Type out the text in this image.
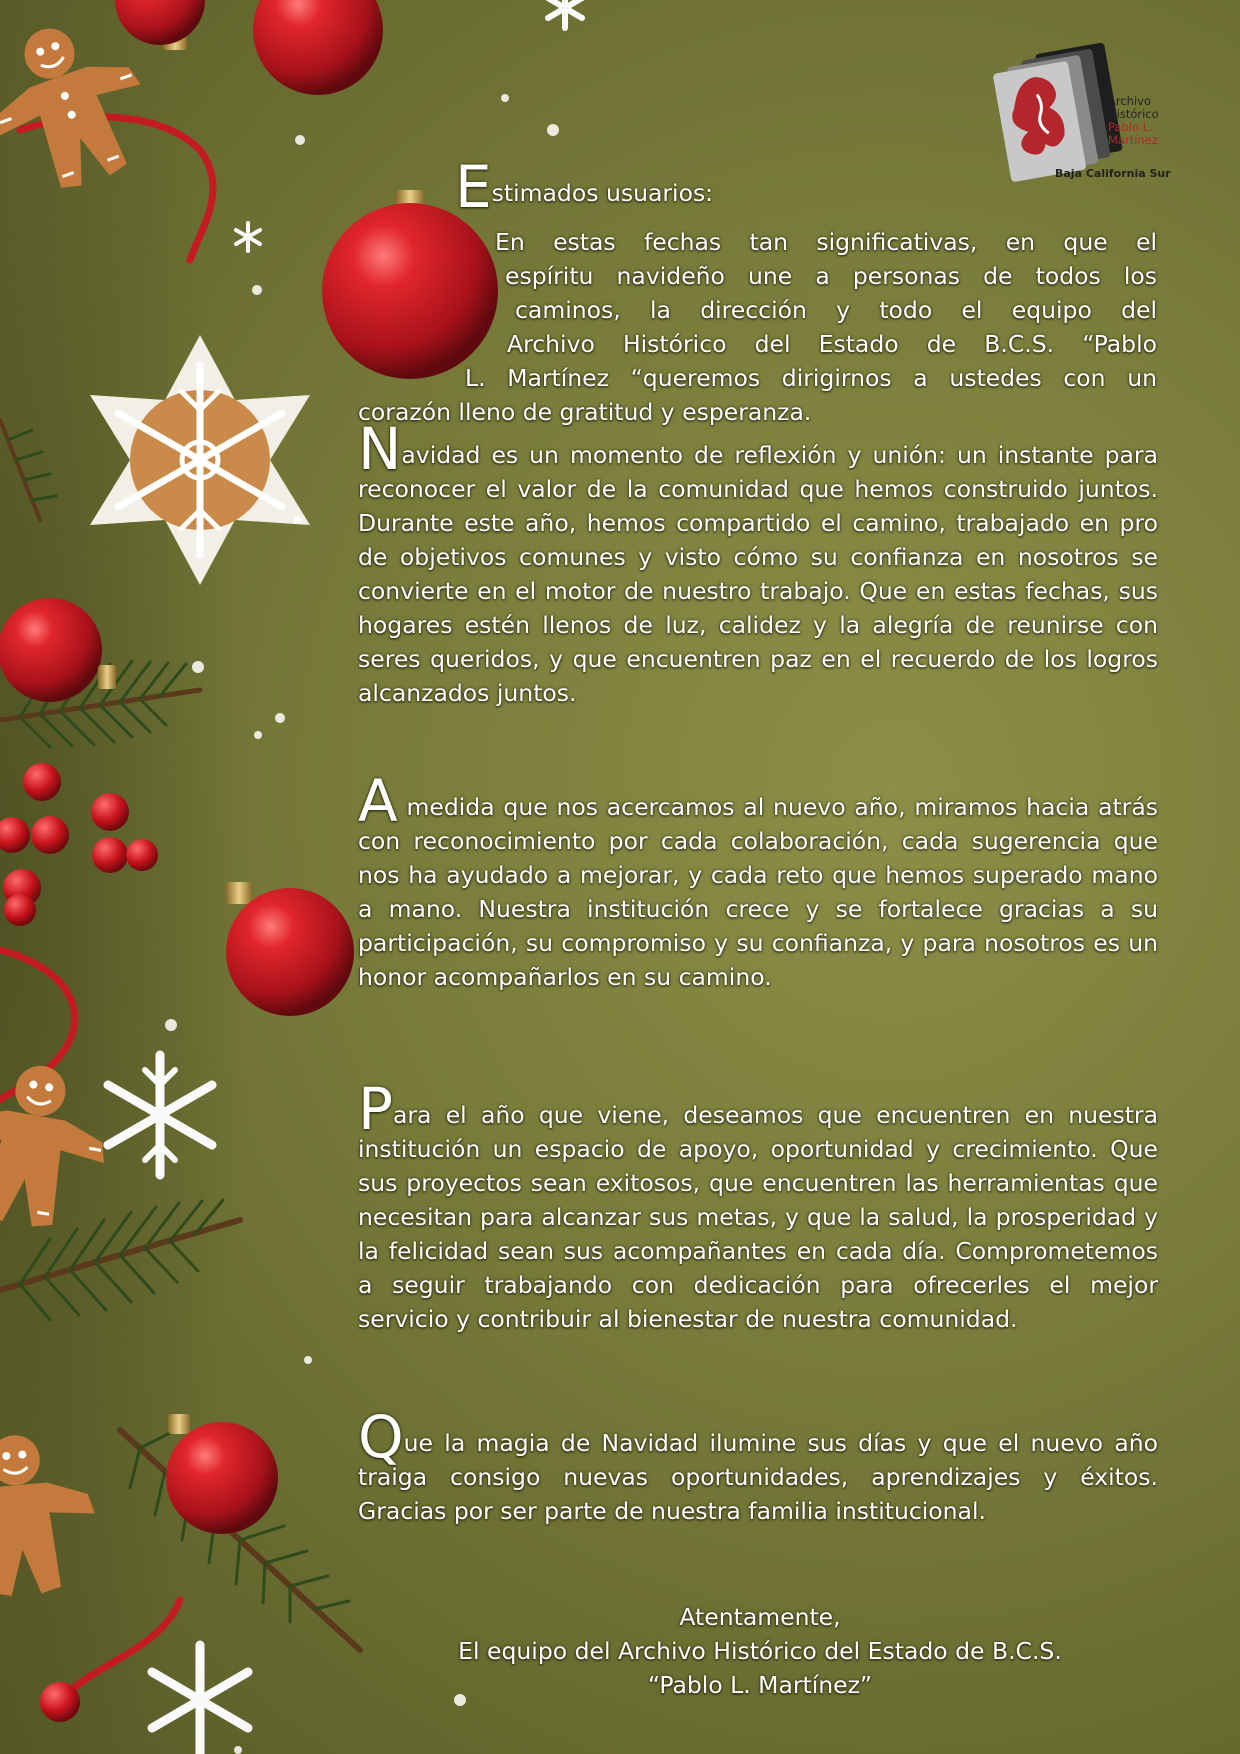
Archivo
Histórico
Pablo L.
Martínez
Baja California Sur
Estimados usuarios:
En estas fechas tan significativas, en que el
espíritu navideño une a personas de todos los
caminos, la dirección y todo el equipo del
Archivo Histórico del Estado de B.C.S. “Pablo
L. Martínez “queremos dirigirnos a ustedes con un
corazón lleno de gratitud y esperanza.
Navidad es un momento de reflexión y unión: un instante para reconocer el valor de la comunidad que hemos construido juntos. Durante este año, hemos compartido el camino, trabajado en pro de objetivos comunes y visto cómo su confianza en nosotros se convierte en el motor de nuestro trabajo. Que en estas fechas, sus hogares estén llenos de luz, calidez y la alegría de reunirse con seres queridos, y que encuentren paz en el recuerdo de los logros alcanzados juntos.
A medida que nos acercamos al nuevo año, miramos hacia atrás con reconocimiento por cada colaboración, cada sugerencia que nos ha ayudado a mejorar, y cada reto que hemos superado mano a mano. Nuestra institución crece y se fortalece gracias a su participación, su compromiso y su confianza, y para nosotros es un honor acompañarlos en su camino.
Para el año que viene, deseamos que encuentren en nuestra institución un espacio de apoyo, oportunidad y crecimiento. Que sus proyectos sean exitosos, que encuentren las herramientas que necesitan para alcanzar sus metas, y que la salud, la prosperidad y la felicidad sean sus acompañantes en cada día. Comprometemos a seguir trabajando con dedicación para ofrecerles el mejor servicio y contribuir al bienestar de nuestra comunidad.
Que la magia de Navidad ilumine sus días y que el nuevo año traiga consigo nuevas oportunidades, aprendizajes y éxitos. Gracias por ser parte de nuestra familia institucional.
Atentamente,
El equipo del Archivo Histórico del Estado de B.C.S.
“Pablo L. Martínez”
